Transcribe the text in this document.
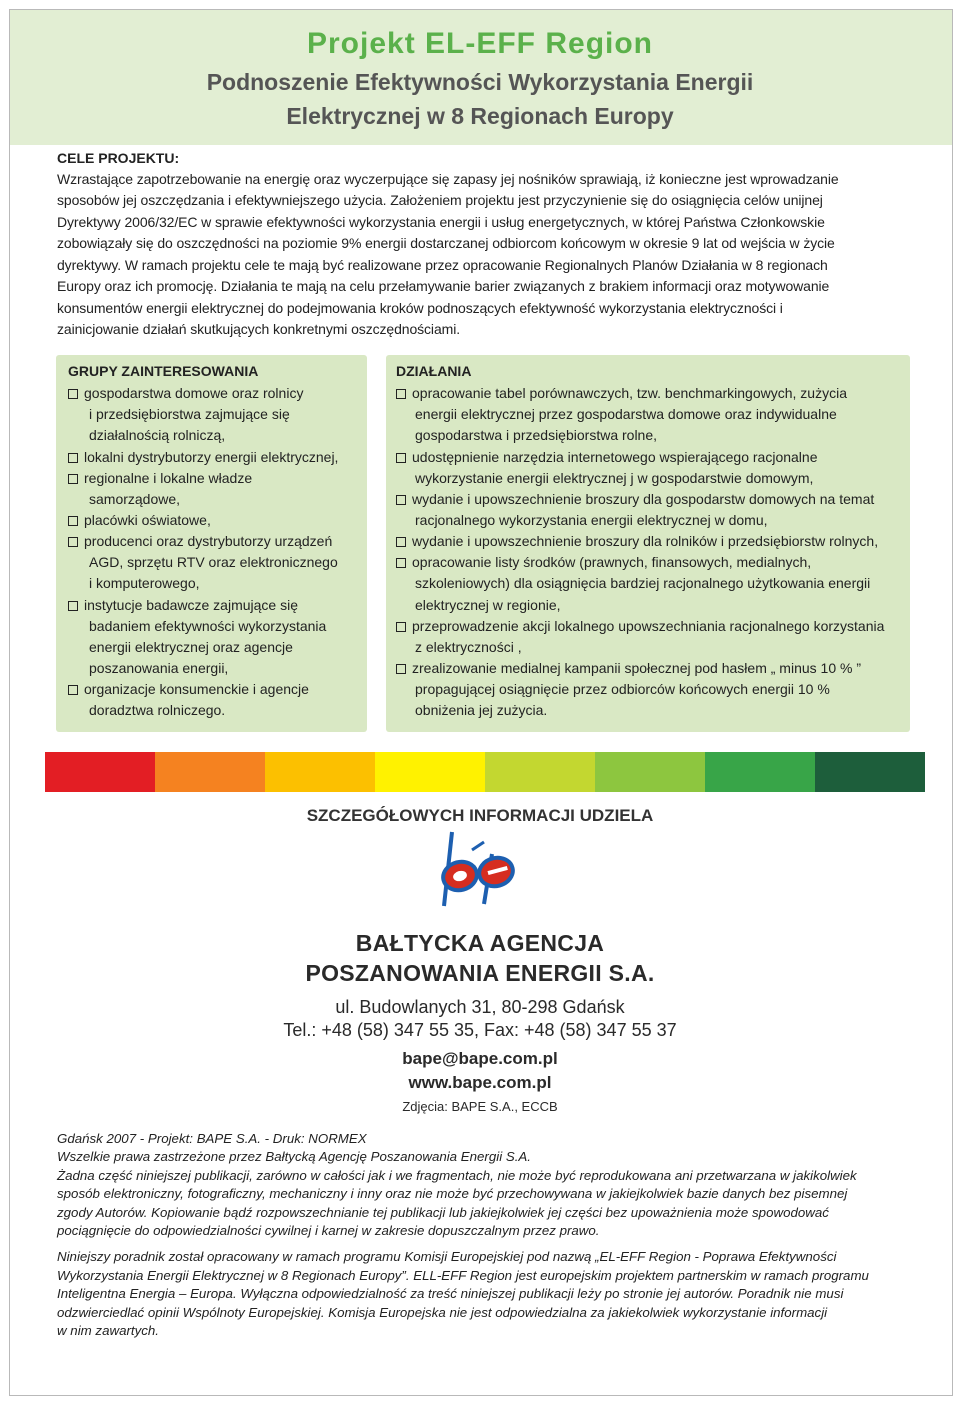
Projekt EL-EFF Region
Podnoszenie Efektywności Wykorzystania Energii
Elektrycznej w 8 Regionach Europy
CELE PROJEKTU:
Wzrastające zapotrzebowanie na energię oraz wyczerpujące się zapasy jej nośników sprawiają, iż konieczne jest wprowadzanie
sposobów jej oszczędzania i efektywniejszego użycia. Założeniem projektu jest przyczynienie się do osiągnięcia celów unijnej
Dyrektywy 2006/32/EC w sprawie efektywności wykorzystania energii i usług energetycznych, w której Państwa Członkowskie
zobowiązały się do oszczędności na poziomie 9% energii dostarczanej odbiorcom końcowym w okresie 9 lat od wejścia w życie
dyrektywy. W ramach projektu cele te mają być realizowane przez opracowanie Regionalnych Planów Działania w 8 regionach
Europy oraz ich promocję. Działania te mają na celu przełamywanie barier związanych z brakiem informacji oraz motywowanie
konsumentów energii elektrycznej do podejmowania kroków podnoszących efektywność wykorzystania elektryczności i
zainicjowanie działań skutkujących konkretnymi oszczędnościami.
GRUPY ZAINTERESOWANIA
gospodarstwa domowe oraz rolnicy
i przedsiębiorstwa zajmujące się
działalnością rolniczą,
lokalni dystrybutorzy energii elektrycznej,
regionalne i lokalne władze
samorządowe,
placówki oświatowe,
producenci oraz dystrybutorzy urządzeń
AGD, sprzętu RTV oraz elektronicznego
i komputerowego,
instytucje badawcze zajmujące się
badaniem efektywności wykorzystania
energii elektrycznej oraz agencje
poszanowania energii,
organizacje konsumenckie i agencje
doradztwa rolniczego.
DZIAŁANIA
opracowanie tabel porównawczych, tzw. benchmarkingowych, zużycia
energii elektrycznej przez gospodarstwa domowe oraz indywidualne
gospodarstwa i przedsiębiorstwa rolne,
udostępnienie narzędzia internetowego wspierającego racjonalne
wykorzystanie energii elektrycznej j w gospodarstwie domowym,
wydanie i upowszechnienie broszury dla gospodarstw domowych na temat
racjonalnego wykorzystania energii elektrycznej w domu,
wydanie i upowszechnienie broszury dla rolników i przedsiębiorstw rolnych,
opracowanie listy środków (prawnych, finansowych, medialnych,
szkoleniowych) dla osiągnięcia bardziej racjonalnego użytkowania energii
elektrycznej w regionie,
przeprowadzenie akcji lokalnego upowszechniania racjonalnego korzystania
z elektryczności ,
zrealizowanie medialnej kampanii społecznej pod hasłem „ minus 10 % ”
propagującej osiągnięcie przez odbiorców końcowych energii 10 %
obniżenia jej zużycia.
SZCZEGÓŁOWYCH INFORMACJI UDZIELA
BAŁTYCKA AGENCJA
POSZANOWANIA ENERGII S.A.
ul. Budowlanych 31, 80-298 Gdańsk
Tel.: +48 (58) 347 55 35, Fax: +48 (58) 347 55 37
bape@bape.com.pl
www.bape.com.pl
Zdjęcia: BAPE S.A., ECCB
Gdańsk 2007 - Projekt: BAPE S.A. - Druk: NORMEX
Wszelkie prawa zastrzeżone przez Bałtycką Agencję Poszanowania Energii S.A.
Żadna część niniejszej publikacji, zarówno w całości jak i we fragmentach, nie może być reprodukowana ani przetwarzana w jakikolwiek
sposób elektroniczny, fotograficzny, mechaniczny i inny oraz nie może być przechowywana w jakiejkolwiek bazie danych bez pisemnej
zgody Autorów. Kopiowanie bądź rozpowszechnianie tej publikacji lub jakiejkolwiek jej części bez upoważnienia może spowodować
pociągnięcie do odpowiedzialności cywilnej i karnej w zakresie dopuszczalnym przez prawo.
Niniejszy poradnik został opracowany w ramach programu Komisji Europejskiej pod nazwą „EL-EFF Region - Poprawa Efektywności
Wykorzystania Energii Elektrycznej w 8 Regionach Europy”. ELL-EFF Region jest europejskim projektem partnerskim w ramach programu
Inteligentna Energia – Europa. Wyłączna odpowiedzialność za treść niniejszej publikacji leży po stronie jej autorów. Poradnik nie musi
odzwierciedlać opinii Wspólnoty Europejskiej. Komisja Europejska nie jest odpowiedzialna za jakiekolwiek wykorzystanie informacji
w nim zawartych.
